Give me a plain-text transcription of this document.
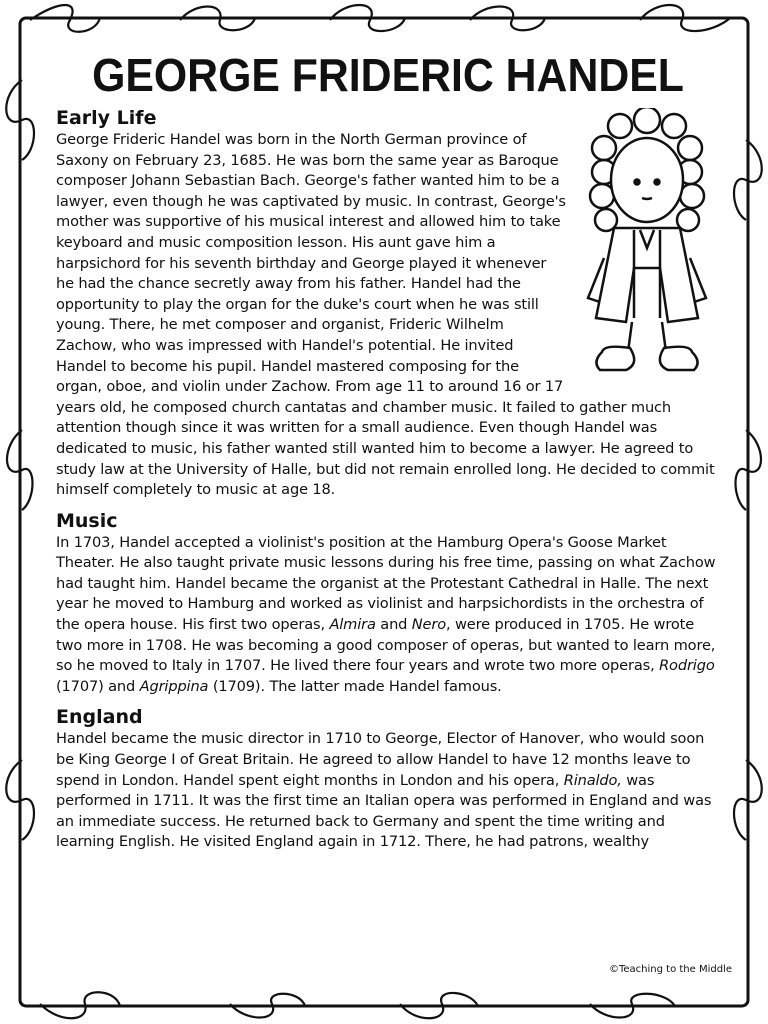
GEORGE FRIDERIC HANDEL
Early Life

George Frideric Handel was born in the North German province of Saxony on February 23, 1685. He was born the same year as Baroque composer Johann Sebastian Bach. George's father wanted him to be a lawyer, even though he was captivated by music. In contrast, George's mother was supportive of his musical interest and allowed him to take keyboard and music composition lesson. His aunt gave him a harpsichord for his seventh birthday and George played it whenever he had the chance secretly away from his father. Handel had the opportunity to play the organ for the duke's court when he was still young. There, he met composer and organist, Frideric Wilhelm Zachow, who was impressed with Handel's potential. He invited Handel to become his pupil. Handel mastered composing for the organ, oboe, and violin under Zachow. From age 11 to around 16 or 17 years old, he composed church cantatas and chamber music. It failed to gather much attention though since it was written for a small audience. Even though Handel was dedicated to music, his father wanted still wanted him to become a lawyer. He agreed to study law at the University of Halle, but did not remain enrolled long. He decided to commit himself completely to music at age 18.

Music

In 1703, Handel accepted a violinist's position at the Hamburg Opera's Goose Market Theater. He also taught private music lessons during his free time, passing on what Zachow had taught him. Handel became the organist at the Protestant Cathedral in Halle. The next year he moved to Hamburg and worked as violinist and harpsichordists in the orchestra of the opera house. His first two operas, Almira and Nero, were produced in 1705. He wrote two more in 1708. He was becoming a good composer of operas, but wanted to learn more, so he moved to Italy in 1707. He lived there four years and wrote two more operas, Rodrigo (1707) and Agrippina (1709). The latter made Handel famous.

England

Handel became the music director in 1710 to George, Elector of Hanover, who would soon be King George I of Great Britain. He agreed to allow Handel to have 12 months leave to spend in London. Handel spent eight months in London and his opera, Rinaldo, was performed in 1711. It was the first time an Italian opera was performed in England and was an immediate success. He returned back to Germany and spent the time writing and learning English. He visited England again in 1712. There, he had patrons, wealthy

©Teaching to the Middle
